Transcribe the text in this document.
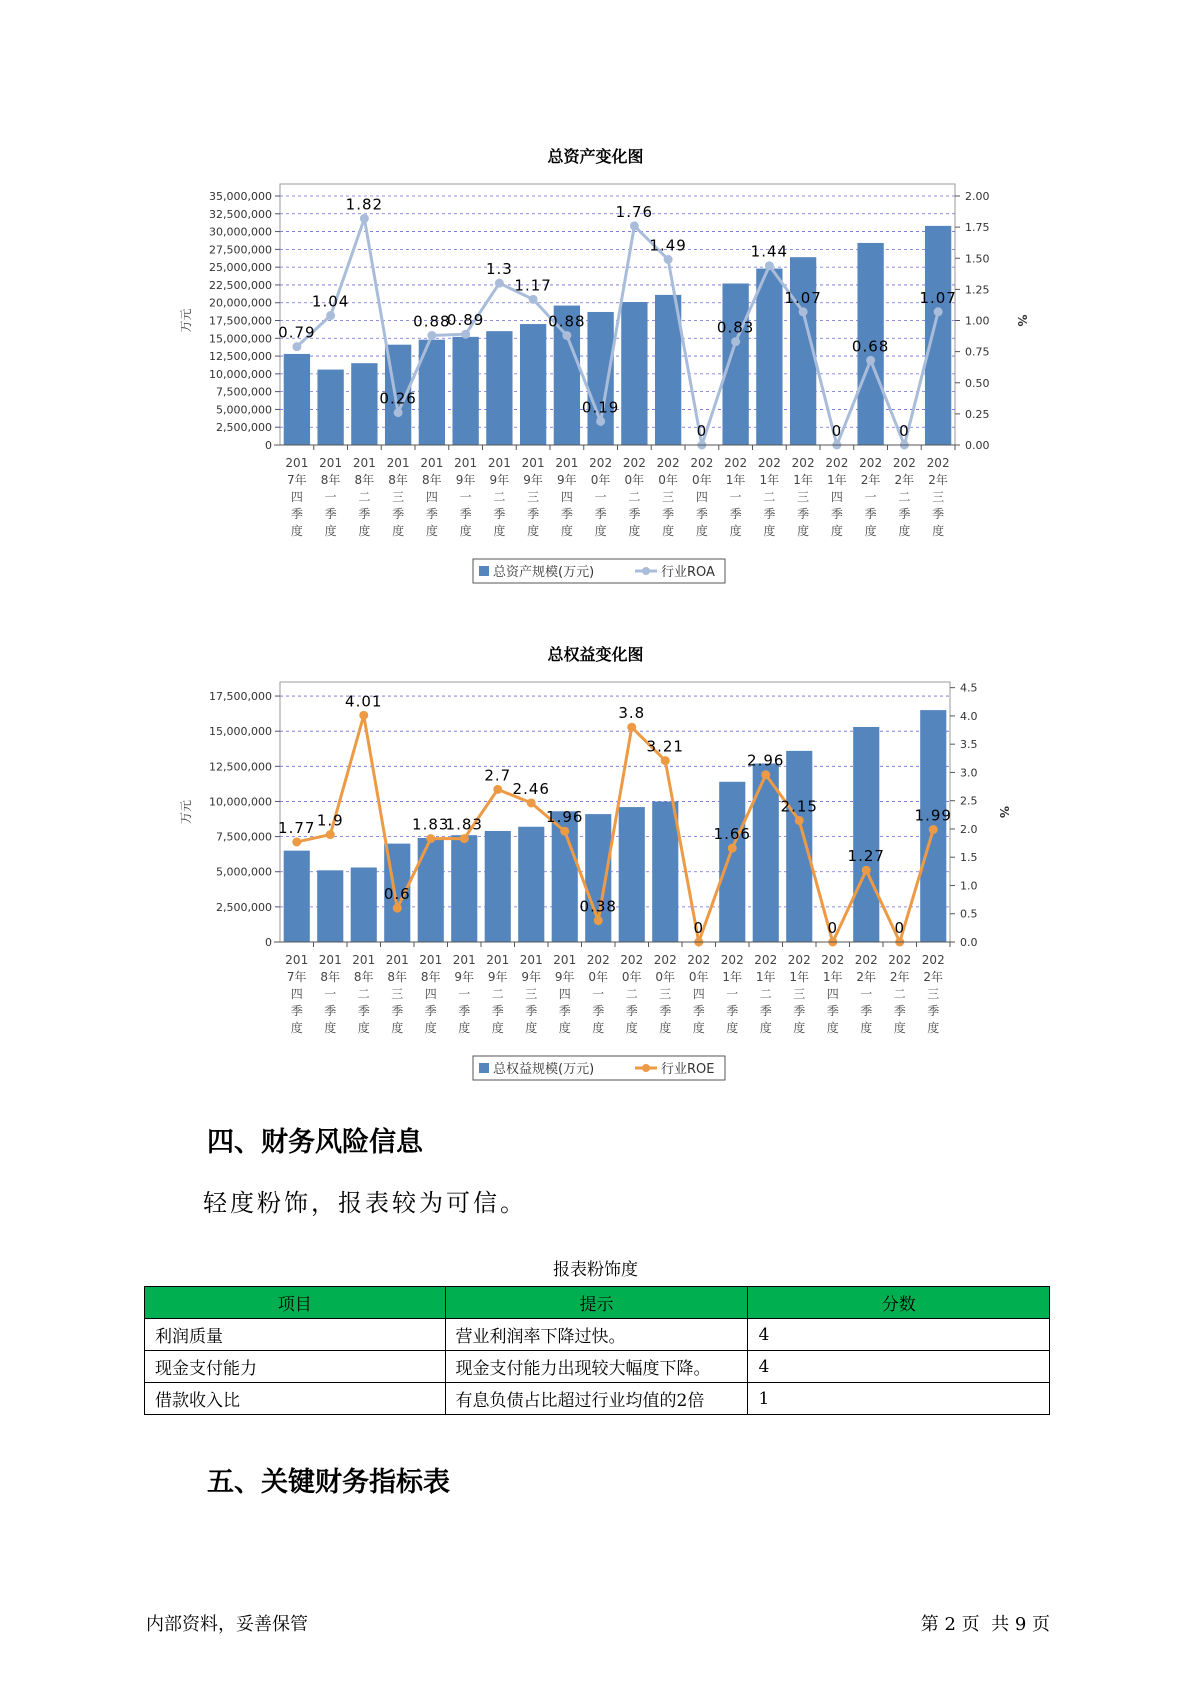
总资产变化图
0
2,500,000
5,000,000
7,500,000
10,000,000
12,500,000
15,000,000
17,500,000
20,000,000
22,500,000
25,000,000
27,500,000
30,000,000
32,500,000
35,000,000
0.00
0.25
0.50
0.75
1.00
1.25
1.50
1.75
2.00
万元	%
0.79
1.04
1.82
0.26
0.88
0.89
1.3
1.17
0.88
0.19
1.76
1.49
0
0.83
1.44
1.07
0
0.68
0
1.07
201
7年
四
季
度
201
8年
一
季
度
201
8年
二
季
度
201
8年
三
季
度
201
8年
四
季
度
201
9年
一
季
度
201
9年
二
季
度
201
9年
三
季
度
201
9年
四
季
度
202
0年
一
季
度
202
0年
二
季
度
202
0年
三
季
度
202
0年
四
季
度
202
1年
一
季
度
202
1年
二
季
度
202
1年
三
季
度
202
1年
四
季
度
202
2年
一
季
度
202
2年
二
季
度
202
2年
三
季
度
总资产规模(万元)	行业ROA
总权益变化图
0
2,500,000
5,000,000
7,500,000
10,000,000
12,500,000
15,000,000
17,500,000
0.0
0.5
1.0
1.5
2.0
2.5
3.0
3.5
4.0
4.5
万元	%
1.77 1.9
4.01
0.6
1.83
1.83
2.7
2.46
1.96
0.38
3.8
3.21
0
1.66
2.96
2.15
0
1.27
0
1.99
201
7年
四
季
度
201
8年
一
季
度
201
8年
二
季
度
201
8年
三
季
度
201
8年
四
季
度
201
9年
一
季
度
201
9年
二
季
度
201
9年
三
季
度
201
9年
四
季
度
202
0年
一
季
度
202
0年
二
季
度
202
0年
三
季
度
202
0年
四
季
度
202
1年
一
季
度
202
1年
二
季
度
202
1年
三
季
度
202
1年
四
季
度
202
2年
一
季
度
202
2年
二
季
度
202
2年
三
季
度
总权益规模(万元)	行业ROE
四、财务风险信息
轻度粉饰，报表较为可信。
报表粉饰度
项目	提示	分数
利润质量	营业利润率下降过快。	4
现金支付能力	现金支付能力出现较大幅度下降。	4
借款收入比	有息负债占比超过行业均值的2倍	1
五、关键财务指标表
内部资料，妥善保管	第 2 页  共 9 页
